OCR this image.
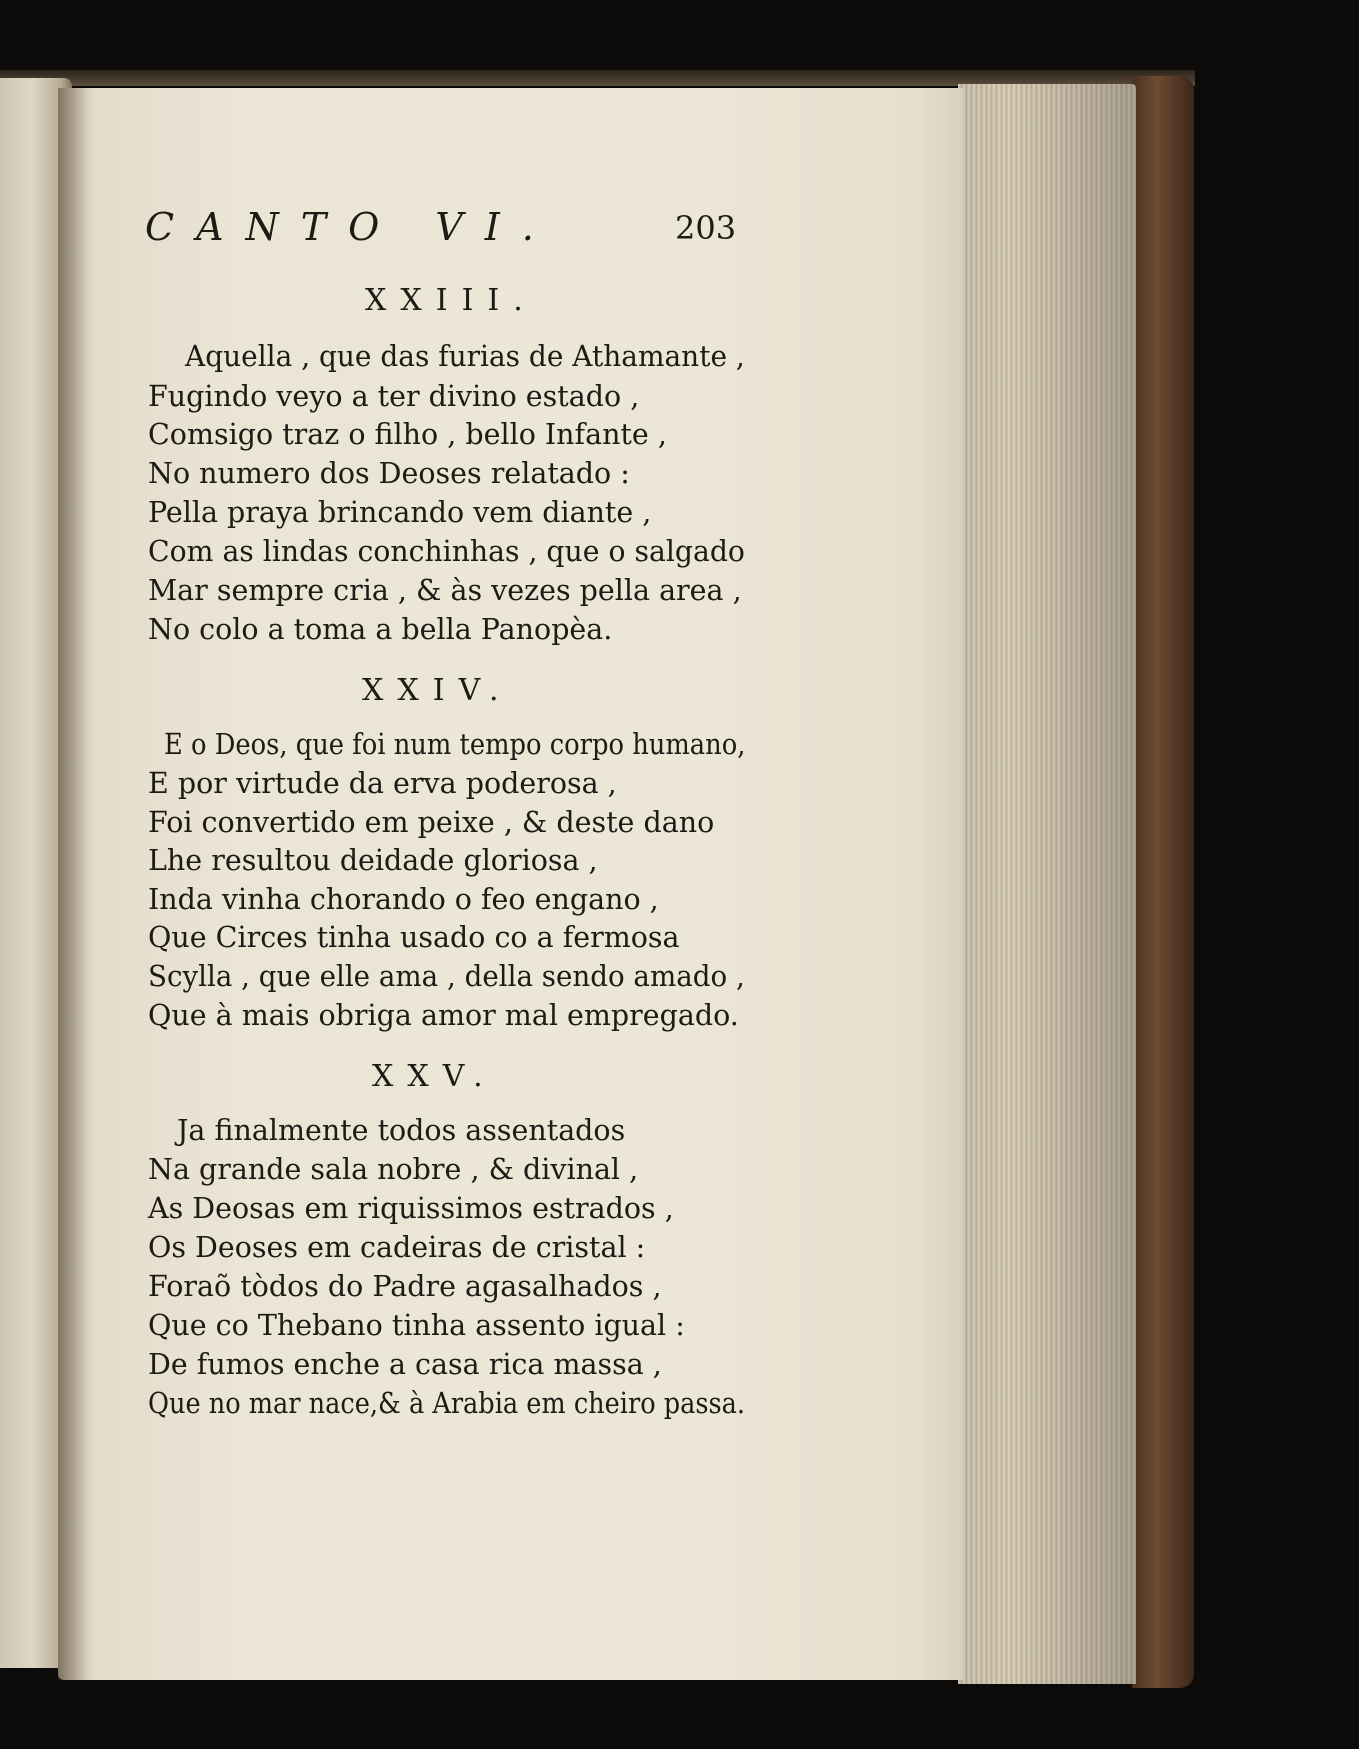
CANTO VI.	203
XXIII.
Aquella , que das furias de Athamante ,
Fugindo veyo a ter divino estado ,
Comsigo traz o filho , bello Infante ,
No numero dos Deoses relatado :
Pella praya brincando vem diante ,
Com as lindas conchinhas , que o salgado
Mar sempre cria , & às vezes pella area ,
No colo a toma a bella Panopèa.
XXIV.
E o Deos, que foi num tempo corpo humano,
E por virtude da erva poderosa ,
Foi convertido em peixe , & deste dano
Lhe resultou deidade gloriosa ,
Inda vinha chorando o feo engano ,
Que Circes tinha usado co a fermosa
Scylla , que elle ama , della sendo amado ,
Que à mais obriga amor mal empregado.
XXV.
Ja finalmente todos assentados
Na grande sala nobre , & divinal ,
As Deosas em riquissimos estrados ,
Os Deoses em cadeiras de cristal :
Foraõ tòdos do Padre agasalhados ,
Que co Thebano tinha assento igual :
De fumos enche a casa rica massa ,
Que no mar nace,& à Arabia em cheiro passa.
